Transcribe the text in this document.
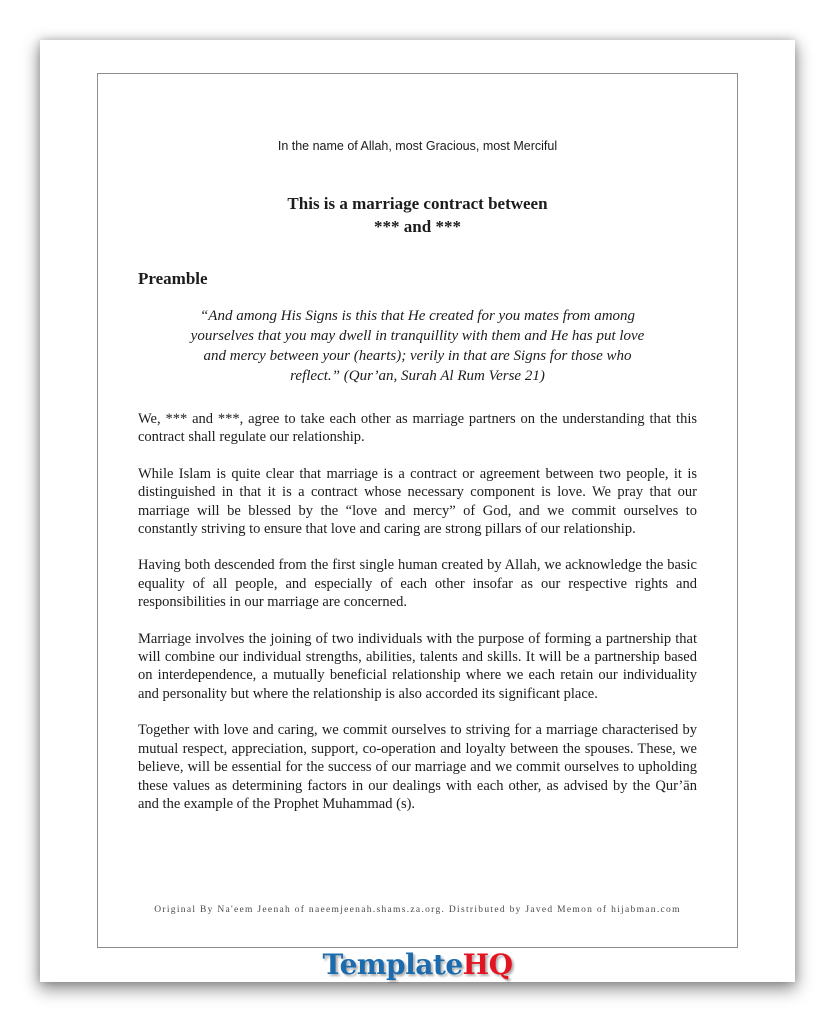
In the name of Allah, most Gracious, most Merciful

This is a marriage contract between
*** and ***
Preamble
“And among His Signs is this that He created for you mates from among
yourselves that you may dwell in tranquillity with them and He has put love
and mercy between your (hearts); verily in that are Signs for those who
reflect.” (Qur’an, Surah Al Rum Verse 21)

We, *** and ***, agree to take each other as marriage partners on the understanding that this contract shall regulate our relationship.

While Islam is quite clear that marriage is a contract or agreement between two people, it is distinguished in that it is a contract whose necessary component is love. We pray that our marriage will be blessed by the “love and mercy” of God, and we commit ourselves to constantly striving to ensure that love and caring are strong pillars of our relationship.

Having both descended from the first single human created by Allah, we acknowledge the basic equality of all people, and especially of each other insofar as our respective rights and responsibilities in our marriage are concerned.

Marriage involves the joining of two individuals with the purpose of forming a partnership that will combine our individual strengths, abilities, talents and skills. It will be a partnership based on interdependence, a mutually beneficial relationship where we each retain our individuality and personality but where the relationship is also accorded its significant place.

Together with love and caring, we commit ourselves to striving for a marriage characterised by mutual respect, appreciation, support, co-operation and loyalty between the spouses. These, we believe, will be essential for the success of our marriage and we commit ourselves to upholding these values as determining factors in our dealings with each other, as advised by the Qur’ān and the example of the Prophet Muhammad (s).

Original By Na'eem Jeenah of naeemjeenah.shams.za.org. Distributed by Javed Memon of hijabman.com

TemplateHQ
